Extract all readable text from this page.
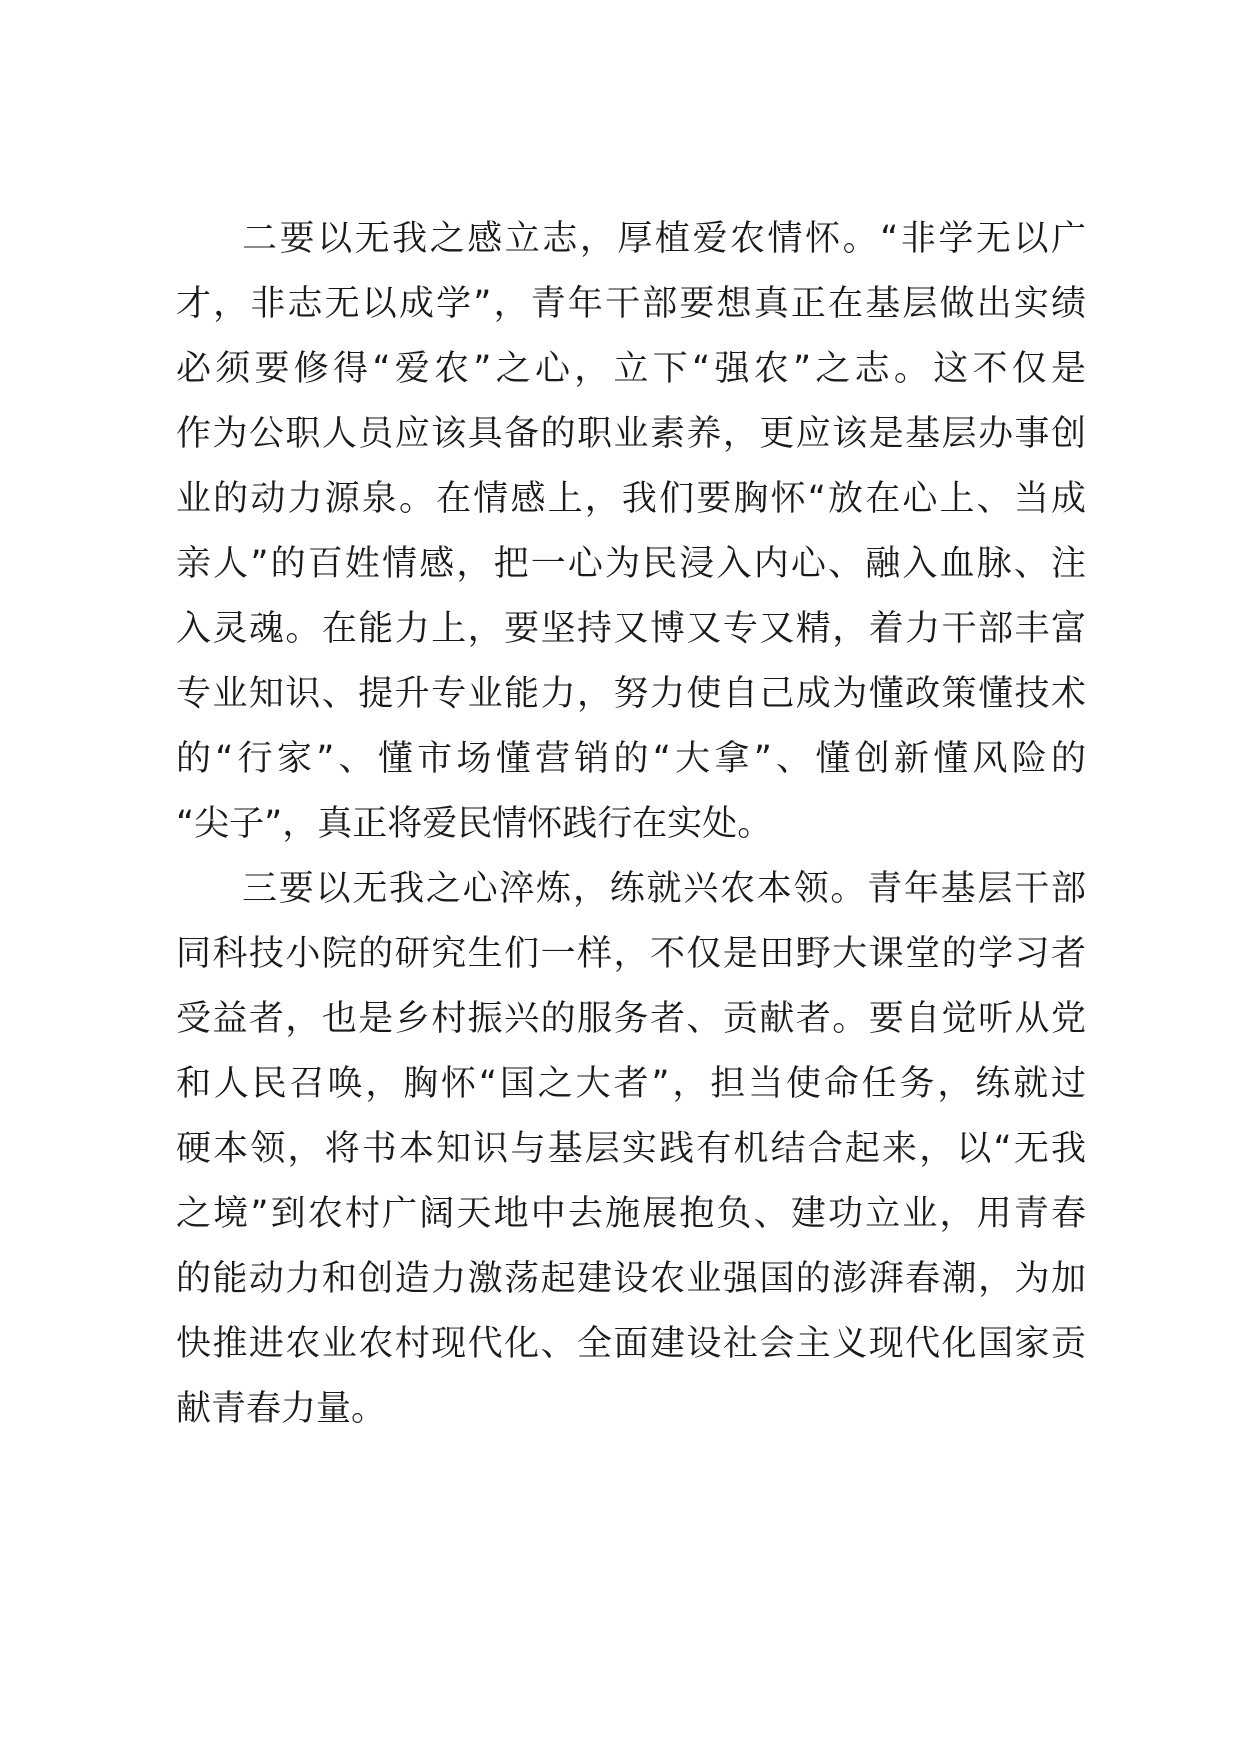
二要以无我之感立志，厚植爱农情怀。“非学无以广
才，非志无以成学”，青年干部要想真正在基层做出实绩
必须要修得“爱农”之心，立下“强农”之志。这不仅是
作为公职人员应该具备的职业素养，更应该是基层办事创
业的动力源泉。在情感上，我们要胸怀“放在心上、当成
亲人”的百姓情感，把一心为民浸入内心、融入血脉、注
入灵魂。在能力上，要坚持又博又专又精，着力干部丰富
专业知识、提升专业能力，努力使自己成为懂政策懂技术
的“行家”、懂市场懂营销的“大拿”、懂创新懂风险的
“尖子”，真正将爱民情怀践行在实处。
三要以无我之心淬炼，练就兴农本领。青年基层干部
同科技小院的研究生们一样，不仅是田野大课堂的学习者
受益者，也是乡村振兴的服务者、贡献者。要自觉听从党
和人民召唤，胸怀“国之大者”，担当使命任务，练就过
硬本领，将书本知识与基层实践有机结合起来，以“无我
之境”到农村广阔天地中去施展抱负、建功立业，用青春
的能动力和创造力激荡起建设农业强国的澎湃春潮，为加
快推进农业农村现代化、全面建设社会主义现代化国家贡
献青春力量。
